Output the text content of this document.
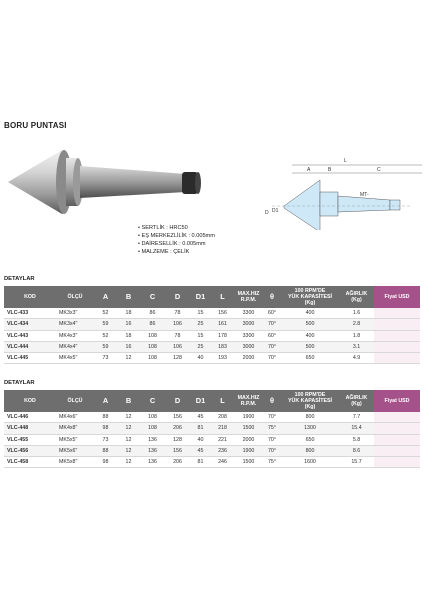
BORU PUNTASI
L
A	B	C
D D1
MT-
• SERTLİK : HRC50
• EŞ MERKEZLİLİK : 0.005mm
• DAİRESELLİK : 0.005mm
• MALZEME : ÇELİK
DETAYLAR
KOD	ÖLÇÜ	A	B	C	D	D1	L	MAX.HIZ
R.P.M.	θ	100 RPM'DE
YÜK KAPASİTESİ
(Kg)	AĞIRLIK
(Kg)	Fiyat USD
VLC-433	MK3x3"	52	18	86	78	15	156	3300	60°	400	1.6	
VLC-434	MK3x4"	59	16	86	106	25	161	3000	70°	500	2.8	
VLC-443	MK4x3"	52	18	108	78	15	178	3300	60°	400	1.8	
VLC-444	MK4x4"	59	16	108	106	25	183	3000	70°	500	3.1	
VLC-445	MK4x5"	73	12	108	128	40	193	2000	70°	650	4.9	
DETAYLAR
KOD	ÖLÇÜ	A	B	C	D	D1	L	MAX.HIZ
R.P.M.	θ	100 RPM'DE
YÜK KAPASİTESİ
(Kg)	AĞIRLIK
(Kg)	Fiyat USD
VLC-446	MK4x6"	88	12	108	156	45	208	1900	70°	800	7.7	
VLC-448	MK4x8"	98	12	108	206	81	218	1500	75°	1300	15.4	
VLC-455	MK5x5"	73	12	136	128	40	221	2000	70°	650	5.8	
VLC-456	MK5x6"	88	12	136	156	45	236	1900	70°	800	8.6	
VLC-458	MK5x8"	98	12	136	206	81	246	1500	75°	1600	15.7	
